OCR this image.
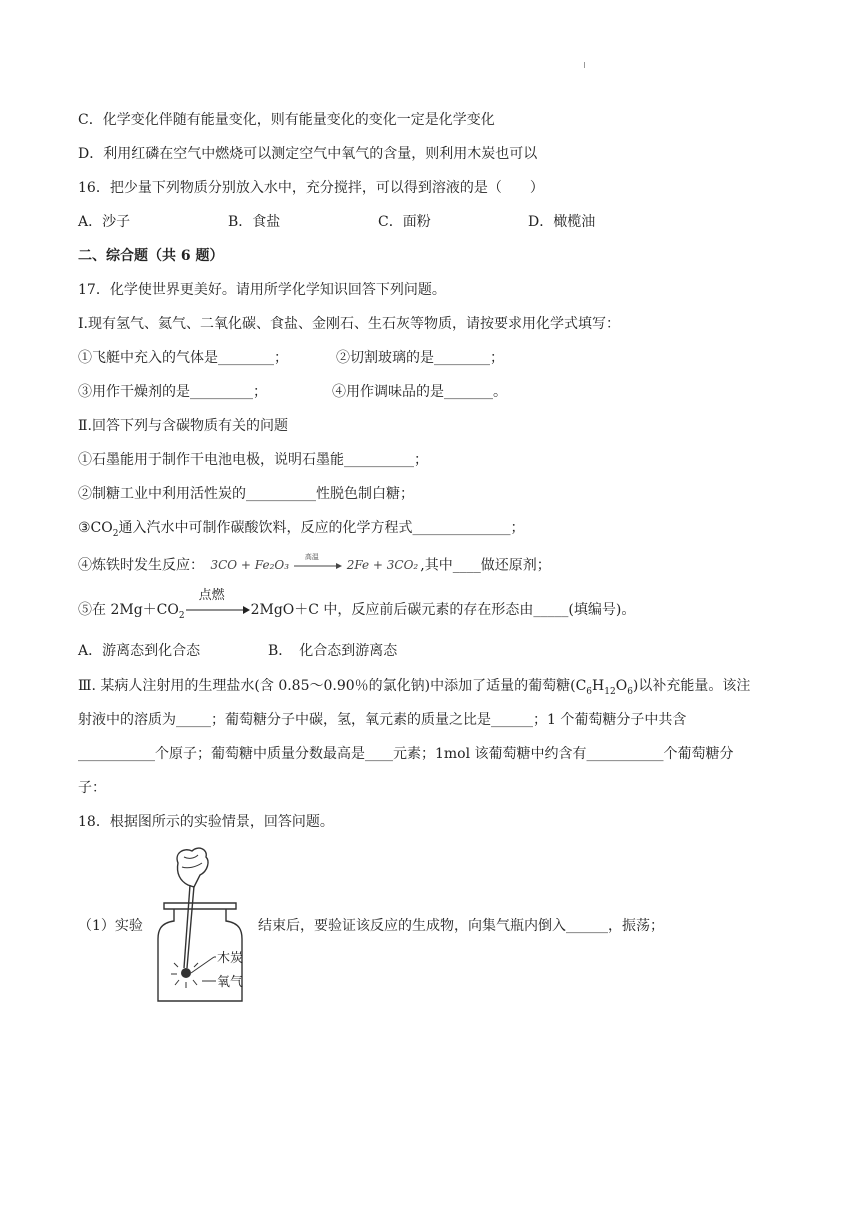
C．化学变化伴随有能量变化，则有能量变化的变化一定是化学变化
D．利用红磷在空气中燃烧可以测定空气中氧气的含量，则利用木炭也可以
16．把少量下列物质分别放入水中，充分搅拌，可以得到溶液的是（　　）
A．沙子	B．食盐	C．面粉	D．橄榄油
二、综合题（共 6 题）
17．化学使世界更美好。请用所学化学知识回答下列问题。
Ⅰ.现有氢气、氦气、二氧化碳、食盐、金刚石、生石灰等物质，请按要求用化学式填写：
①飞艇中充入的气体是________；	②切割玻璃的是________；
③用作干燥剂的是_________；	④用作调味品的是_______。
Ⅱ.回答下列与含碳物质有关的问题
①石墨能用于制作干电池电极，说明石墨能__________；
②制糖工业中利用活性炭的__________性脱色制白糖；
$③CO_2$通入汽水中可制作碳酸饮料，反应的化学方程式______________；
④炼铁时发生反应： 3CO + Fe₂O₃
高温
2Fe + 3CO₂ ,其中____做还原剂；
⑤在 $2Mg+CO_2$
点燃
2MgO＋C 中，反应前后碳元素的存在形态由_____(填编号)。
A．游离态到化合态	B．　化合态到游离态
Ⅲ. 某病人注射用的生理盐水(含 0.85～0.90％的氯化钠)中添加了适量的葡萄糖$(C_6H_{12}O_6)$以补充能量。该注
射液中的溶质为_____；葡萄糖分子中碳，氢，氧元素的质量之比是______；1 个葡萄糖分子中共含
___________个原子；葡萄糖中质量分数最高是____元素；1mol 该葡萄糖中约含有___________个葡萄糖分
子：
18．根据图所示的实验情景，回答问题。
（1）实验	结束后，要验证该反应的生成物，向集气瓶内倒入______，振荡；
木炭
氧气
